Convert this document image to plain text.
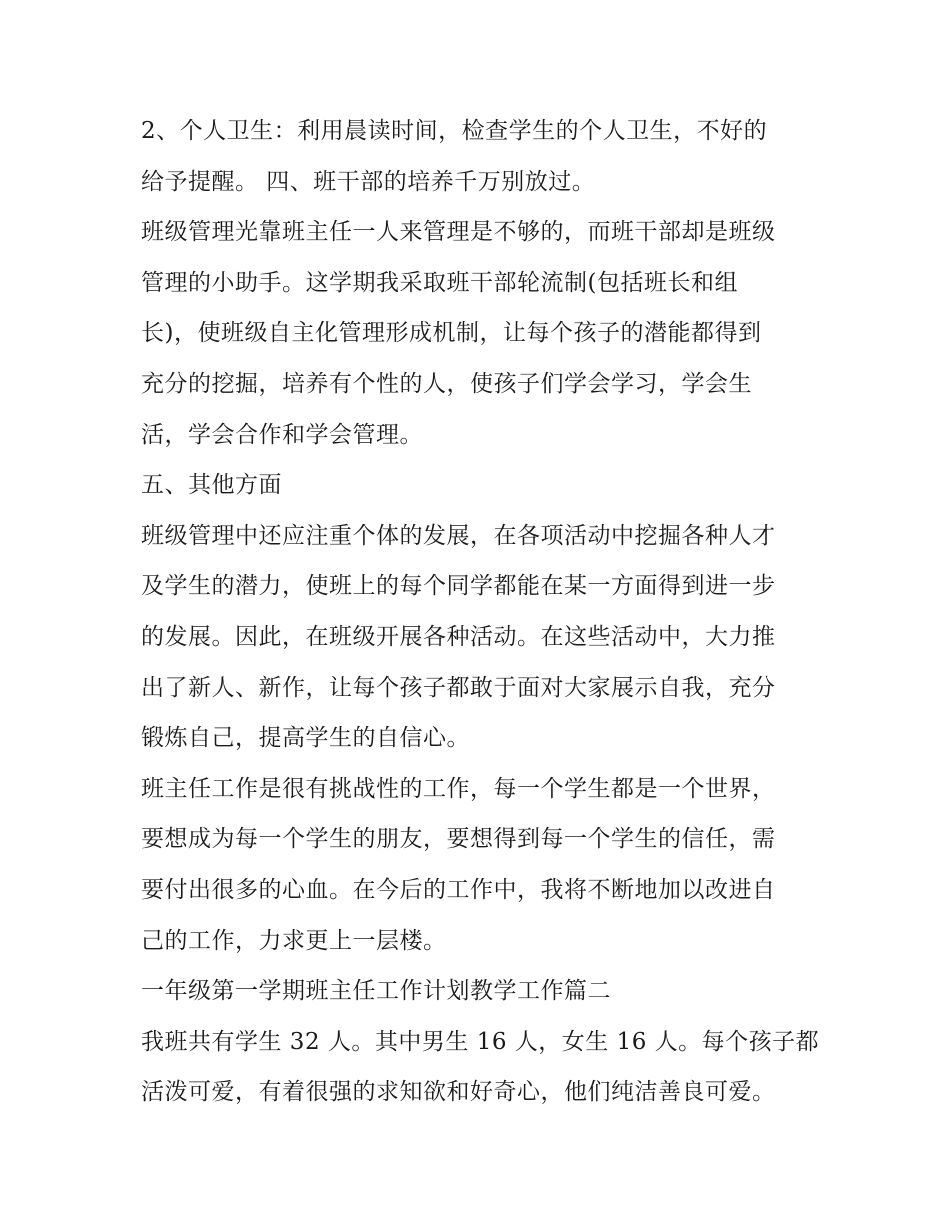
2、个人卫生：利用晨读时间，检查学生的个人卫生，不好的
给予提醒。 四、班干部的培养千万别放过。
班级管理光靠班主任一人来管理是不够的，而班干部却是班级
管理的小助手。这学期我采取班干部轮流制(包括班长和组
长)，使班级自主化管理形成机制，让每个孩子的潜能都得到
充分的挖掘，培养有个性的人，使孩子们学会学习，学会生
活，学会合作和学会管理。
五、其他方面
班级管理中还应注重个体的发展，在各项活动中挖掘各种人才
及学生的潜力，使班上的每个同学都能在某一方面得到进一步
的发展。因此，在班级开展各种活动。在这些活动中，大力推
出了新人、新作，让每个孩子都敢于面对大家展示自我，充分
锻炼自己，提高学生的自信心。
班主任工作是很有挑战性的工作，每一个学生都是一个世界，
要想成为每一个学生的朋友，要想得到每一个学生的信任，需
要付出很多的心血。在今后的工作中，我将不断地加以改进自
己的工作，力求更上一层楼。
一年级第一学期班主任工作计划教学工作篇二
我班共有学生 32 人。其中男生 16 人，女生 16 人。每个孩子都
活泼可爱，有着很强的求知欲和好奇心，他们纯洁善良可爱。
